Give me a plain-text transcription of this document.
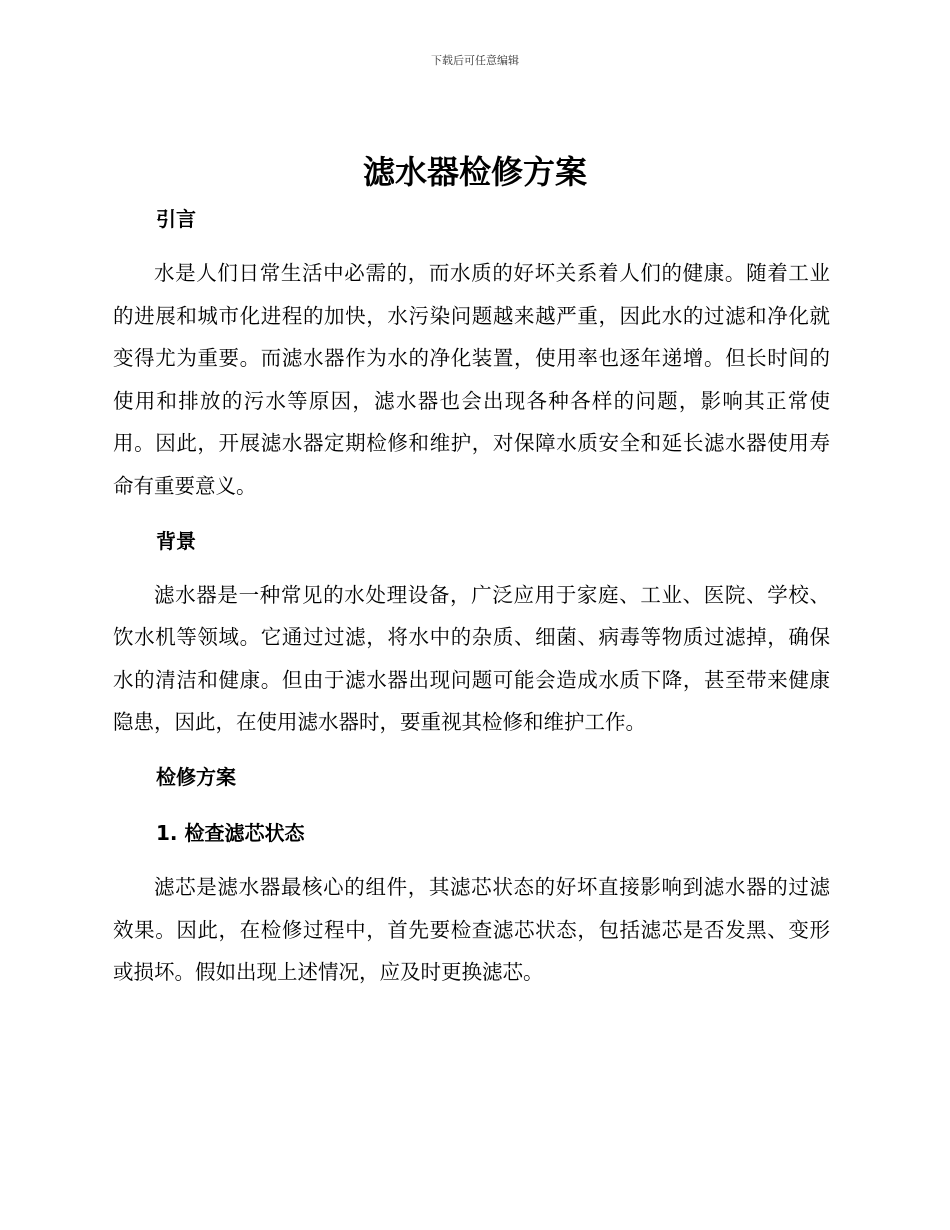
下载后可任意编辑
滤水器检修方案
引言

水是人们日常生活中必需的，而水质的好坏关系着人们的健康。随着工业的进展和城市化进程的加快，水污染问题越来越严重，因此水的过滤和净化就变得尤为重要。而滤水器作为水的净化装置，使用率也逐年递增。但长时间的使用和排放的污水等原因，滤水器也会出现各种各样的问题，影响其正常使用。因此，开展滤水器定期检修和维护，对保障水质安全和延长滤水器使用寿命有重要意义。

背景

滤水器是一种常见的水处理设备，广泛应用于家庭、工业、医院、学校、饮水机等领域。它通过过滤，将水中的杂质、细菌、病毒等物质过滤掉，确保水的清洁和健康。但由于滤水器出现问题可能会造成水质下降，甚至带来健康隐患，因此，在使用滤水器时，要重视其检修和维护工作。

检修方案
1. 检查滤芯状态

滤芯是滤水器最核心的组件，其滤芯状态的好坏直接影响到滤水器的过滤效果。因此，在检修过程中，首先要检查滤芯状态，包括滤芯是否发黑、变形或损坏。假如出现上述情况，应及时更换滤芯。
